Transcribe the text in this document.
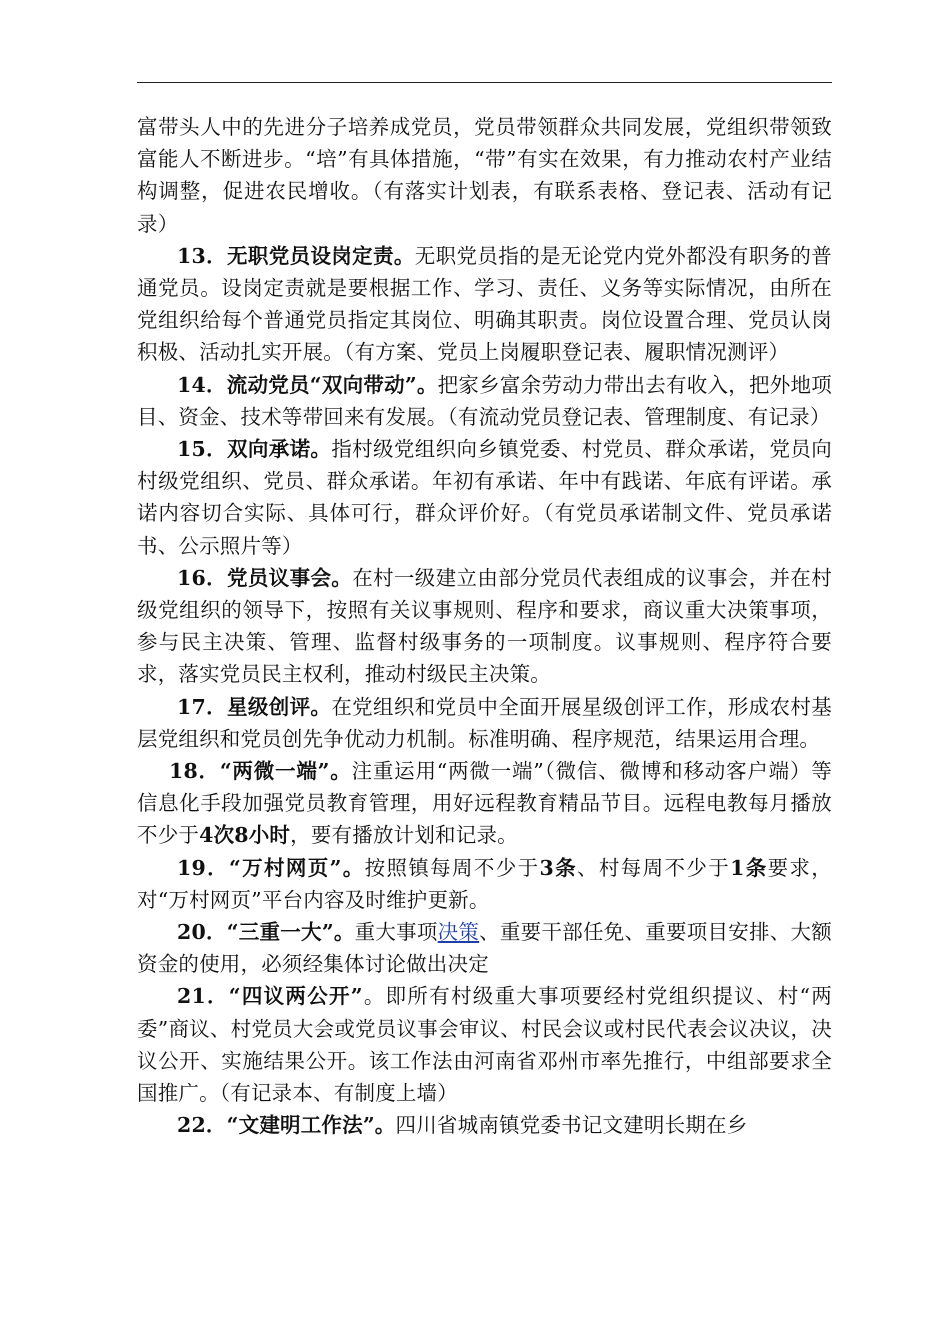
富带头人中的先进分子培养成党员，党员带领群众共同发展，党组织带领致富能人不断进步。“培”有具体措施，“带”有实在效果，有力推动农村产业结构调整，促进农民增收。（有落实计划表，有联系表格、登记表、活动有记录）

13．无职党员设岗定责。无职党员指的是无论党内党外都没有职务的普通党员。设岗定责就是要根据工作、学习、责任、义务等实际情况，由所在党组织给每个普通党员指定其岗位、明确其职责。岗位设置合理、党员认岗积极、活动扎实开展。（有方案、党员上岗履职登记表、履职情况测评）

14．流动党员“双向带动”。把家乡富余劳动力带出去有收入，把外地项目、资金、技术等带回来有发展。（有流动党员登记表、管理制度、有记录）

15．双向承诺。指村级党组织向乡镇党委、村党员、群众承诺，党员向村级党组织、党员、群众承诺。年初有承诺、年中有践诺、年底有评诺。承诺内容切合实际、具体可行，群众评价好。（有党员承诺制文件、党员承诺书、公示照片等）

16．党员议事会。在村一级建立由部分党员代表组成的议事会，并在村级党组织的领导下，按照有关议事规则、程序和要求，商议重大决策事项，参与民主决策、管理、监督村级事务的一项制度。议事规则、程序符合要求，落实党员民主权利，推动村级民主决策。

17．星级创评。在党组织和党员中全面开展星级创评工作，形成农村基层党组织和党员创先争优动力机制。标准明确、程序规范，结果运用合理。

18．“两微一端”。注重运用“两微一端”（微信、微博和移动客户端）等信息化手段加强党员教育管理，用好远程教育精品节目。远程电教每月播放不少于4次8小时，要有播放计划和记录。

19．“万村网页”。按照镇每周不少于3条、村每周不少于1条要求，对“万村网页”平台内容及时维护更新。

20．“三重一大”。重大事项决策、重要干部任免、重要项目安排、大额资金的使用，必须经集体讨论做出决定

21．“四议两公开”。即所有村级重大事项要经村党组织提议、村“两委”商议、村党员大会或党员议事会审议、村民会议或村民代表会议决议，决议公开、实施结果公开。该工作法由河南省邓州市率先推行，中组部要求全国推广。（有记录本、有制度上墙）

22．“文建明工作法”。四川省城南镇党委书记文建明长期在乡
